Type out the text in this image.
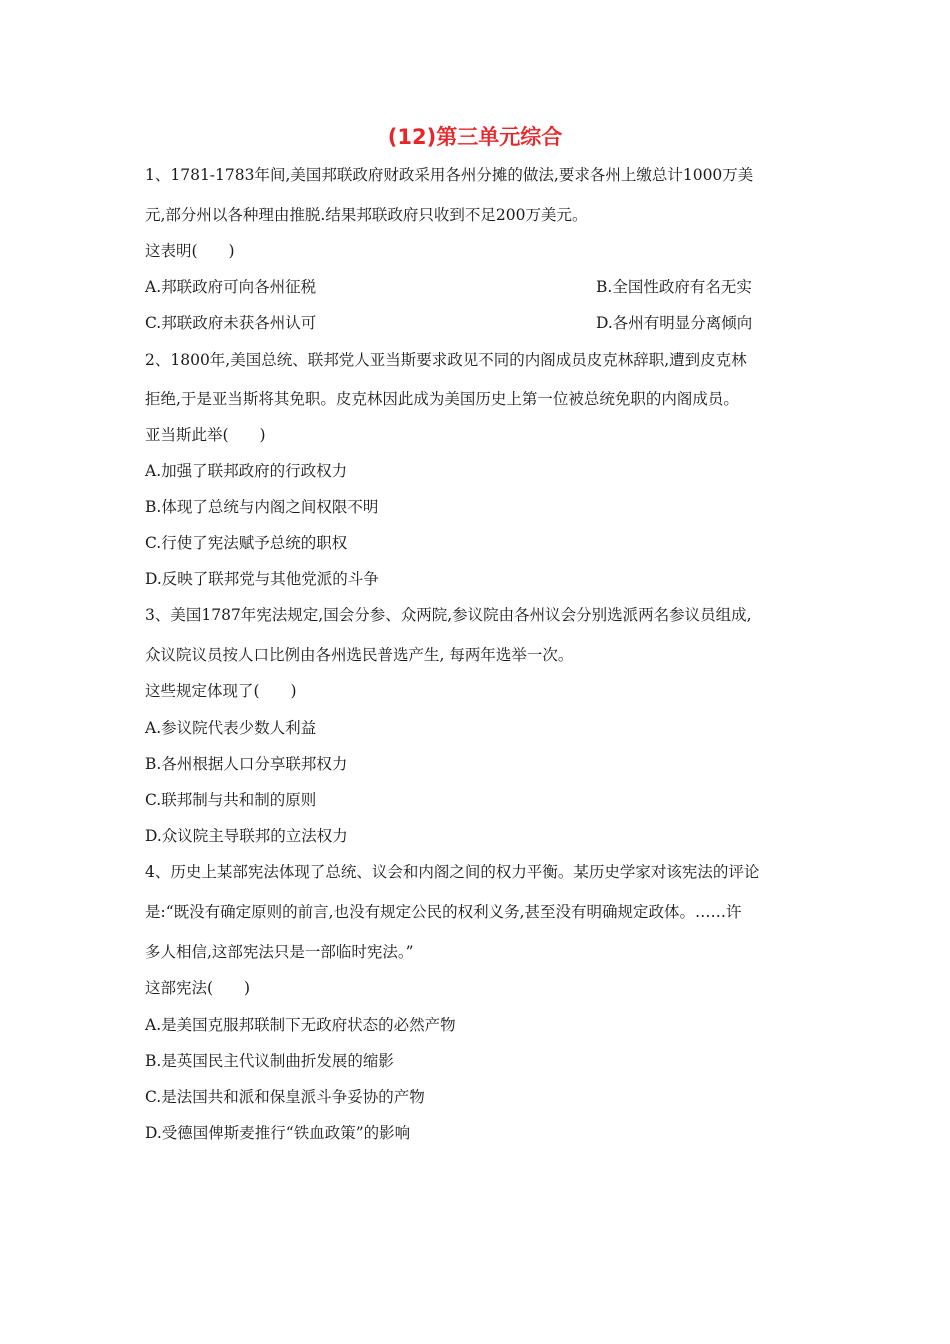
(12)第三单元综合
1、1781-1783年间,美国邦联政府财政采用各州分摊的做法,要求各州上缴总计1000万美
元,部分州以各种理由推脱.结果邦联政府只收到不足200万美元。
这表明(　　)
A.邦联政府可向各州征税	B.全国性政府有名无实
C.邦联政府未获各州认可	D.各州有明显分离倾向
2、1800年,美国总统、联邦党人亚当斯要求政见不同的内阁成员皮克林辞职,遭到皮克林
拒绝,于是亚当斯将其免职。皮克林因此成为美国历史上第一位被总统免职的内阁成员。
亚当斯此举(　　)
A.加强了联邦政府的行政权力
B.体现了总统与内阁之间权限不明
C.行使了宪法赋予总统的职权
D.反映了联邦党与其他党派的斗争
3、美国1787年宪法规定,国会分参、众两院,参议院由各州议会分别选派两名参议员组成,
众议院议员按人口比例由各州选民普选产生, 每两年选举一次。
这些规定体现了(　　)
A.参议院代表少数人利益
B.各州根据人口分享联邦权力
C.联邦制与共和制的原则
D.众议院主导联邦的立法权力
4、历史上某部宪法体现了总统、议会和内阁之间的权力平衡。某历史学家对该宪法的评论
是:“既没有确定原则的前言,也没有规定公民的权利义务,甚至没有明确规定政体。……许
多人相信,这部宪法只是一部临时宪法。”
这部宪法(　　)
A.是美国克服邦联制下无政府状态的必然产物
B.是英国民主代议制曲折发展的缩影
C.是法国共和派和保皇派斗争妥协的产物
D.受德国俾斯麦推行“铁血政策”的影响
